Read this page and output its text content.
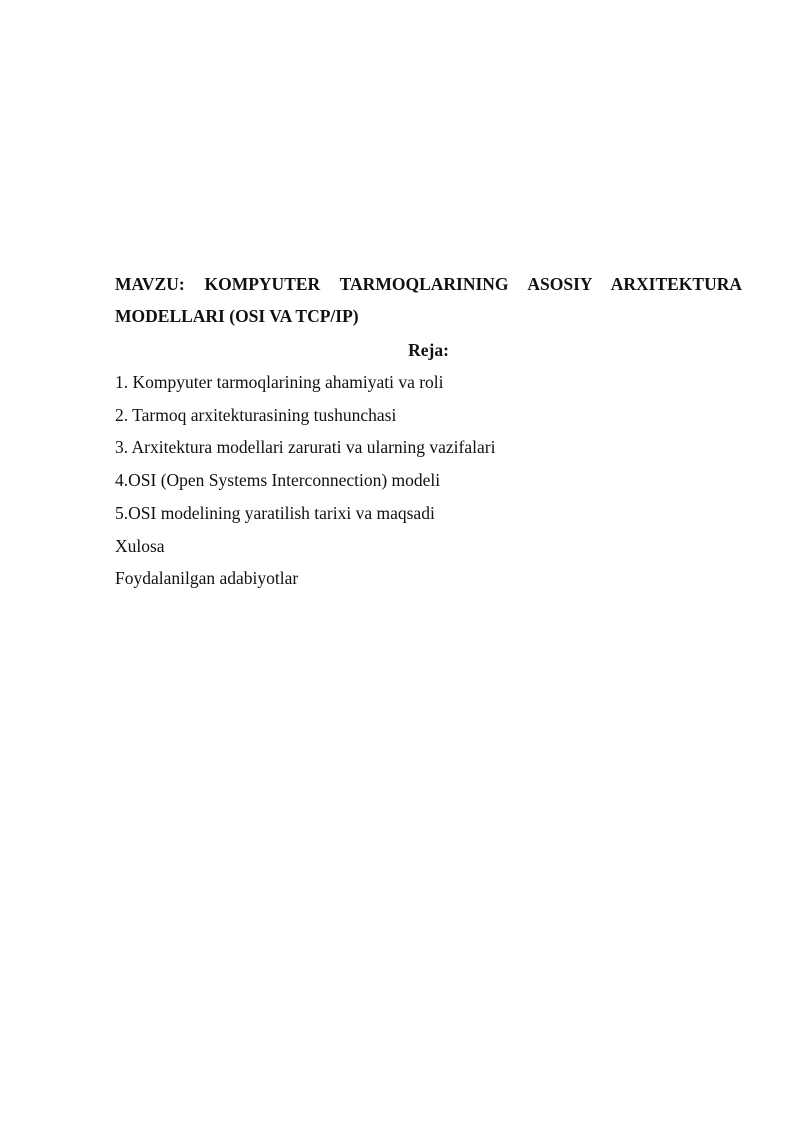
MAVZU: KOMPYUTER TARMOQLARINING ASOSIY ARXITEKTURA
MODELLARI (OSI VA TCP/IP)
Reja:
1. Kompyuter tarmoqlarining ahamiyati va roli
2. Tarmoq arxitekturasining tushunchasi
3. Arxitektura modellari zarurati va ularning vazifalari
4.OSI (Open Systems Interconnection) modeli
5.OSI modelining yaratilish tarixi va maqsadi
Xulosa
Foydalanilgan adabiyotlar
